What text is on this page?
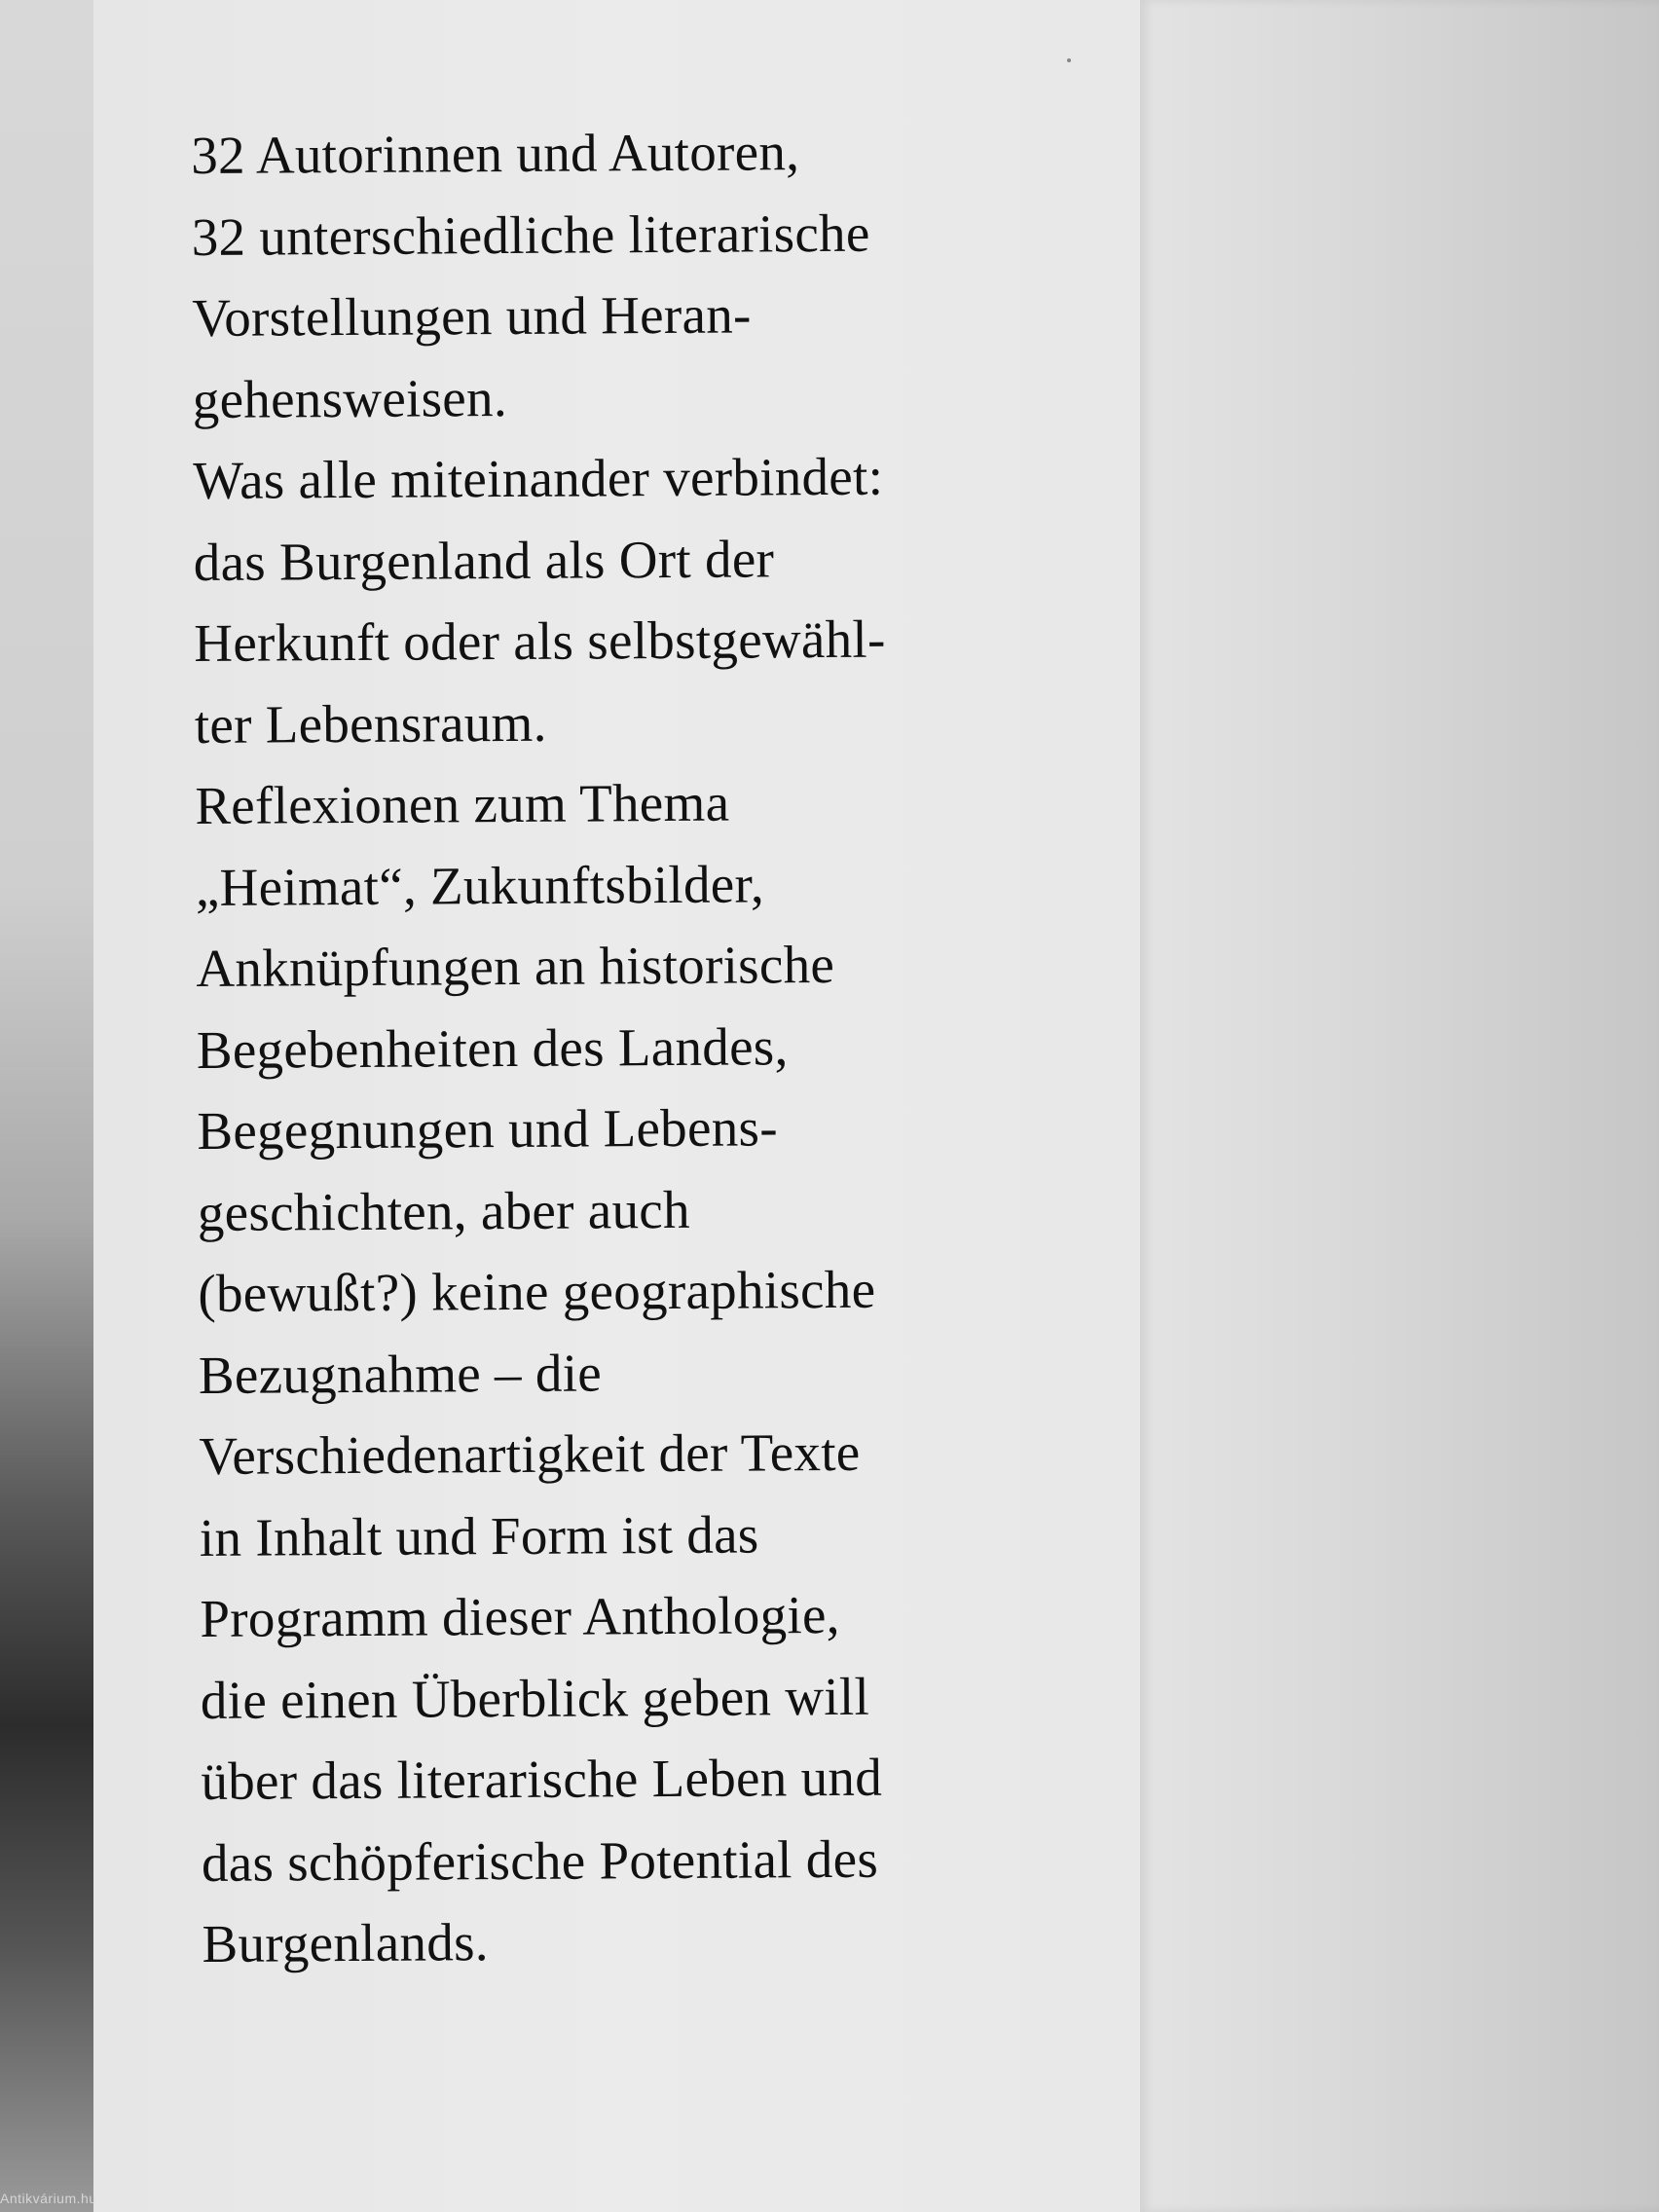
32 Autorinnen und Autoren,
32 unterschiedliche literarische
Vorstellungen und Heran-
gehensweisen.
Was alle miteinander verbindet:
das Burgenland als Ort der
Herkunft oder als selbstgewähl-
ter Lebensraum.
Reflexionen zum Thema
„Heimat“, Zukunftsbilder,
Anknüpfungen an historische
Begebenheiten des Landes,
Begegnungen und Lebens-
geschichten, aber auch
(bewußt?) keine geographische
Bezugnahme – die
Verschiedenartigkeit der Texte
in Inhalt und Form ist das
Programm dieser Anthologie,
die einen Überblick geben will
über das literarische Leben und
das schöpferische Potential des
Burgenlands.
Antikvárium.hu
